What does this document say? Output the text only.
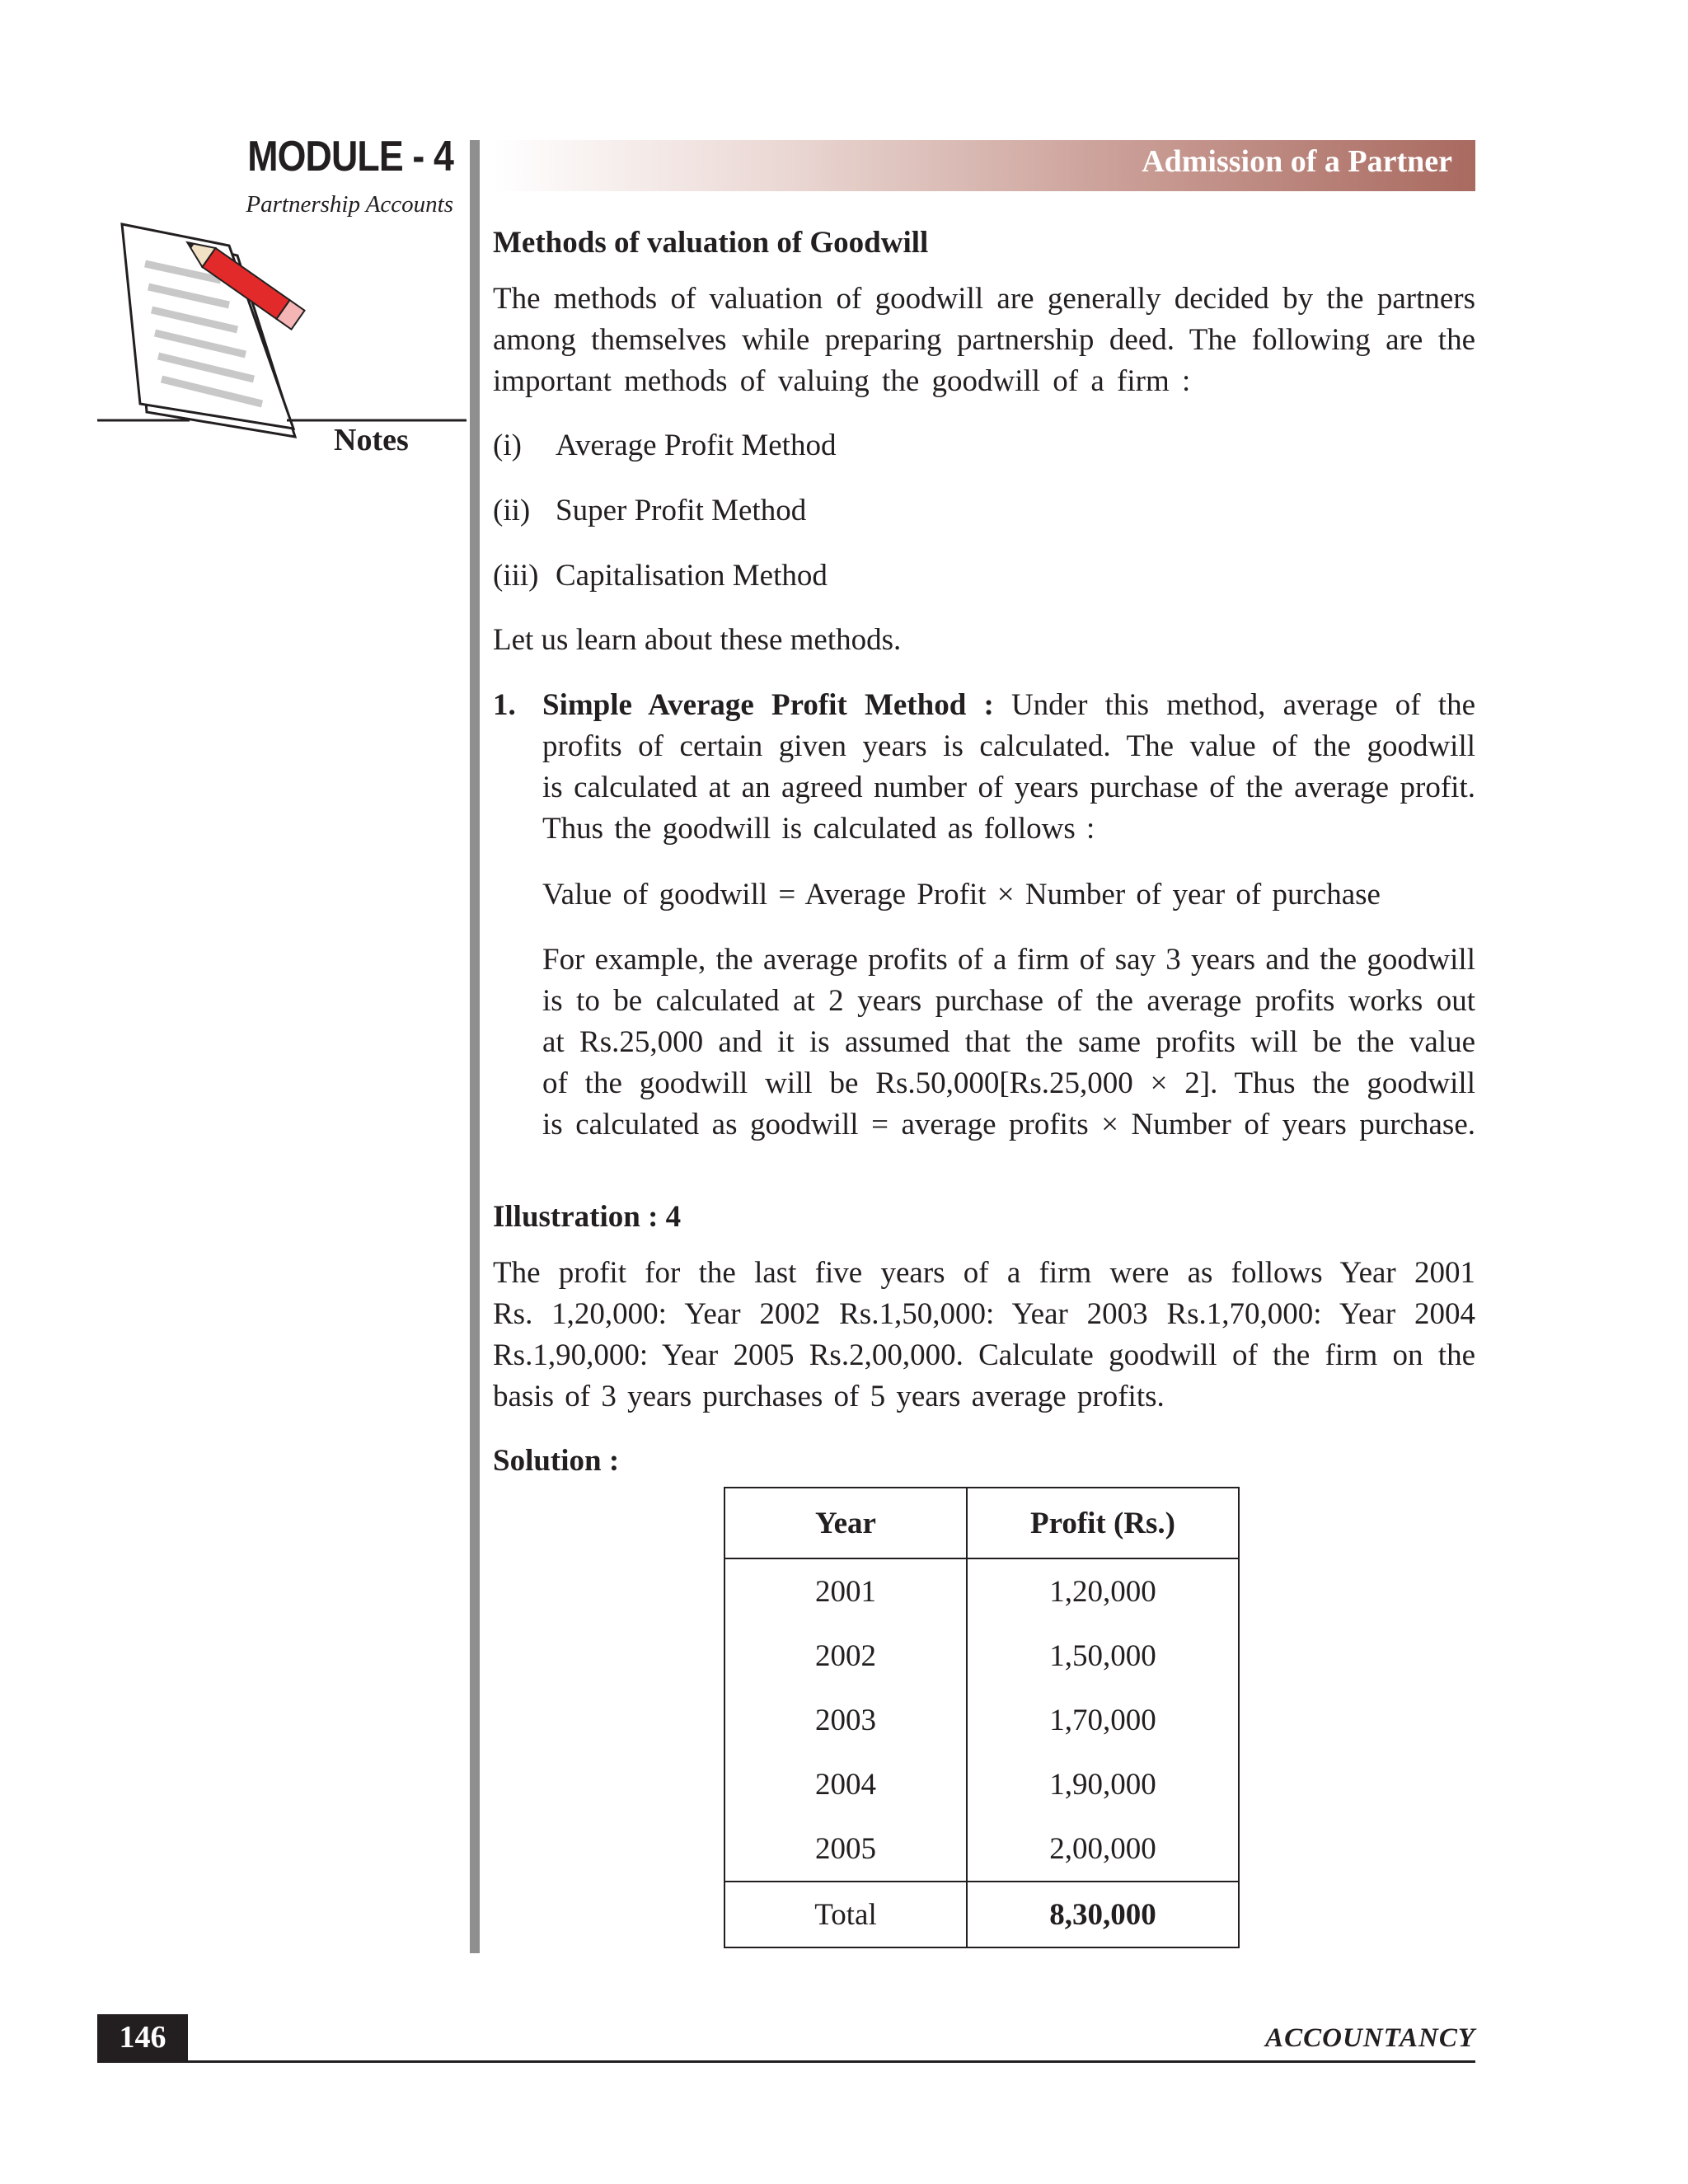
MODULE - 4
Partnership Accounts
Notes
Admission of a Partner
Methods of valuation of Goodwill
The methods of valuation of goodwill are generally decided by the partners
among themselves while preparing partnership deed. The following are the
important methods of valuing the goodwill of a firm :
(i) Average Profit Method
(ii) Super Profit Method
(iii) Capitalisation Method
Let us learn about these methods.
1. Simple Average Profit Method : Under this method, average of the
profits of certain given years is calculated. The value of the goodwill
is calculated at an agreed number of years purchase of the average profit.
Thus the goodwill is calculated as follows :
Value of goodwill = Average Profit × Number of year of purchase
For example, the average profits of a firm of say 3 years and the goodwill
is to be calculated at 2 years purchase of the average profits works out
at Rs.25,000 and it is assumed that the same profits will be the value
of the goodwill will be Rs.50,000[Rs.25,000 × 2]. Thus the goodwill
is calculated as goodwill = average profits × Number of years purchase.
Illustration : 4
The profit for the last five years of a firm were as follows Year 2001
Rs. 1,20,000: Year 2002 Rs.1,50,000: Year 2003 Rs.1,70,000: Year 2004
Rs.1,90,000: Year 2005 Rs.2,00,000. Calculate goodwill of the firm on the
basis of 3 years purchases of 5 years average profits.
Solution :
Year	Profit (Rs.)
2001	1,20,000
2002	1,50,000
2003	1,70,000
2004	1,90,000
2005	2,00,000
Total	8,30,000
146	ACCOUNTANCY
